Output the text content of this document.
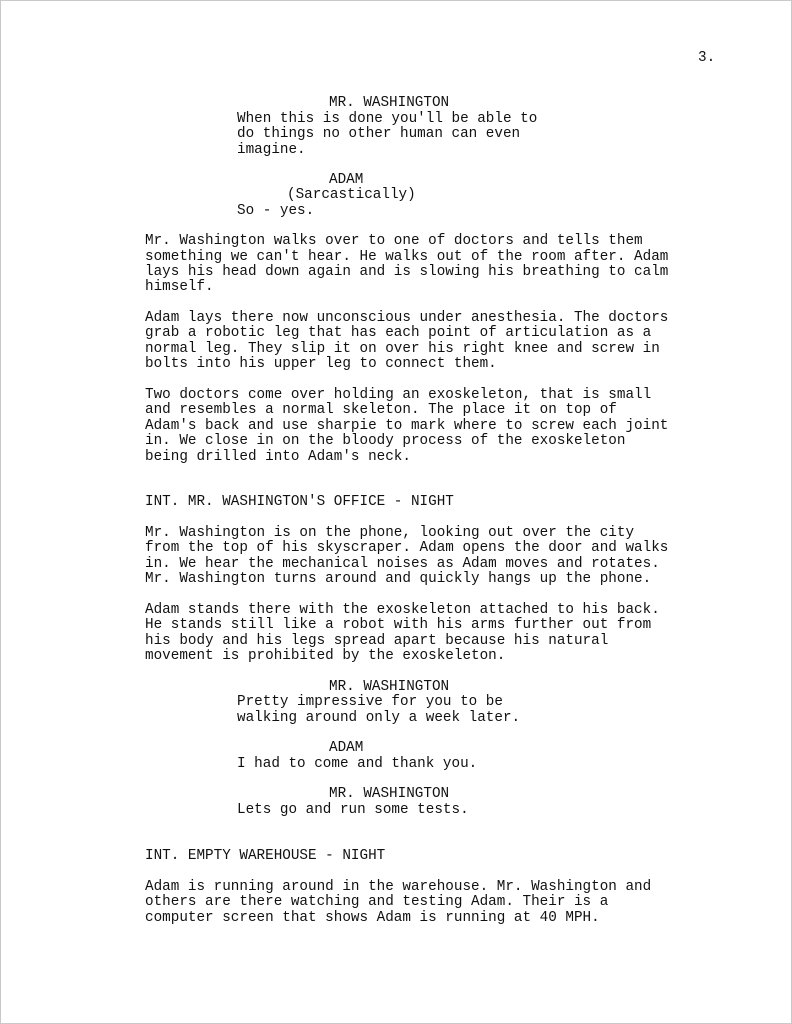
3.
MR. WASHINGTON
When this is done you'll be able to
do things no other human can even
imagine.
ADAM
(Sarcastically)
So - yes.
Mr. Washington walks over to one of doctors and tells them
something we can't hear. He walks out of the room after. Adam
lays his head down again and is slowing his breathing to calm
himself.
Adam lays there now unconscious under anesthesia. The doctors
grab a robotic leg that has each point of articulation as a
normal leg. They slip it on over his right knee and screw in
bolts into his upper leg to connect them.
Two doctors come over holding an exoskeleton, that is small
and resembles a normal skeleton. The place it on top of
Adam's back and use sharpie to mark where to screw each joint
in. We close in on the bloody process of the exoskeleton
being drilled into Adam's neck.
INT. MR. WASHINGTON'S OFFICE - NIGHT
Mr. Washington is on the phone, looking out over the city
from the top of his skyscraper. Adam opens the door and walks
in. We hear the mechanical noises as Adam moves and rotates.
Mr. Washington turns around and quickly hangs up the phone.
Adam stands there with the exoskeleton attached to his back.
He stands still like a robot with his arms further out from
his body and his legs spread apart because his natural
movement is prohibited by the exoskeleton.
MR. WASHINGTON
Pretty impressive for you to be
walking around only a week later.
ADAM
I had to come and thank you.
MR. WASHINGTON
Lets go and run some tests.
INT. EMPTY WAREHOUSE - NIGHT
Adam is running around in the warehouse. Mr. Washington and
others are there watching and testing Adam. Their is a
computer screen that shows Adam is running at 40 MPH.
